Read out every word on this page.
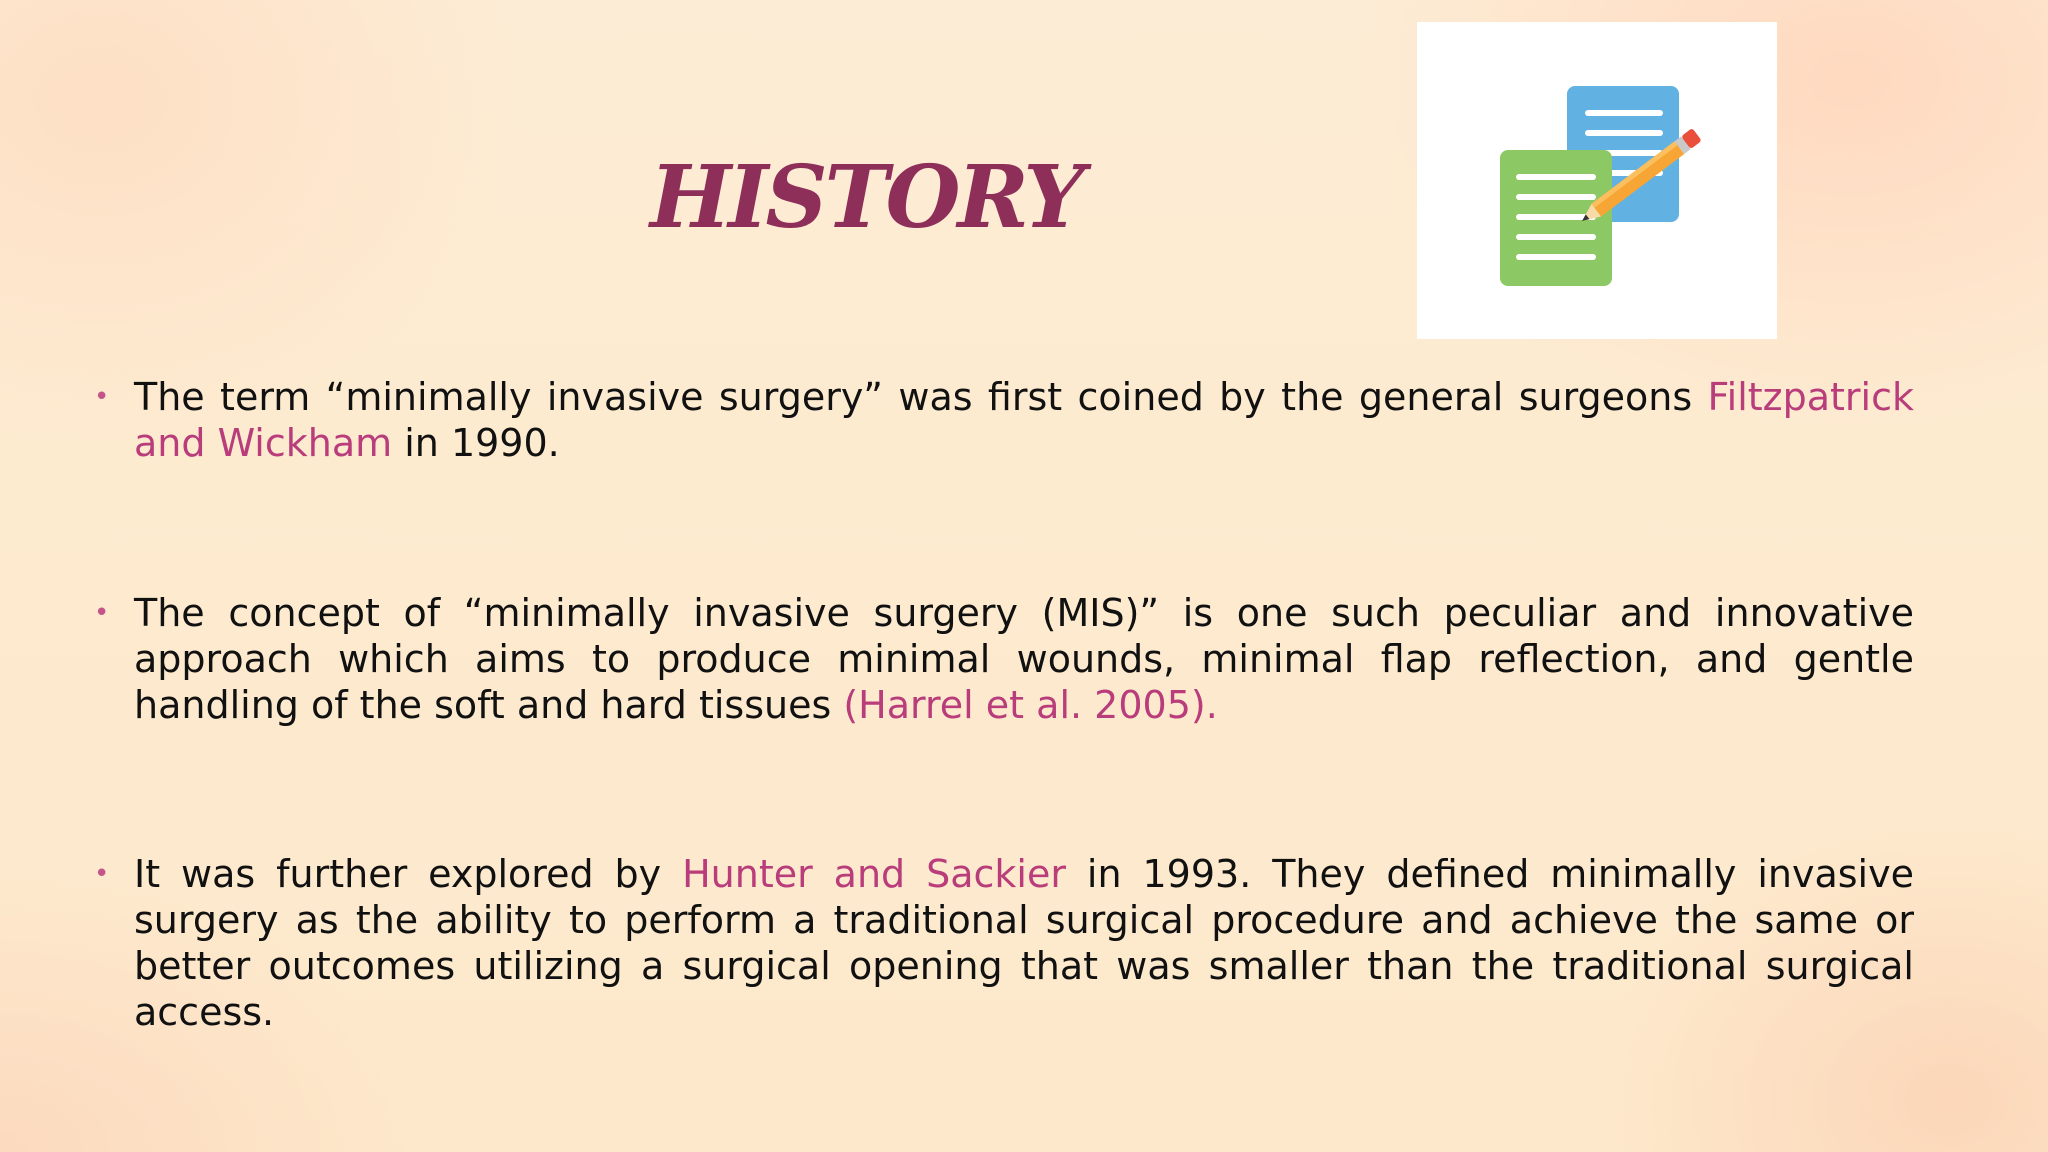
HISTORY
• The term “minimally invasive surgery” was first coined by the general surgeons Filtzpatrick and Wickham in 1990.
• The concept of “minimally invasive surgery (MIS)” is one such peculiar and innovative approach which aims to produce minimal wounds, minimal flap reflection, and gentle handling of the soft and hard tissues (Harrel et al. 2005).
• It was further explored by Hunter and Sackier in 1993. They defined minimally invasive surgery as the ability to perform a traditional surgical procedure and achieve the same or better outcomes utilizing a surgical opening that was smaller than the traditional surgical access.
